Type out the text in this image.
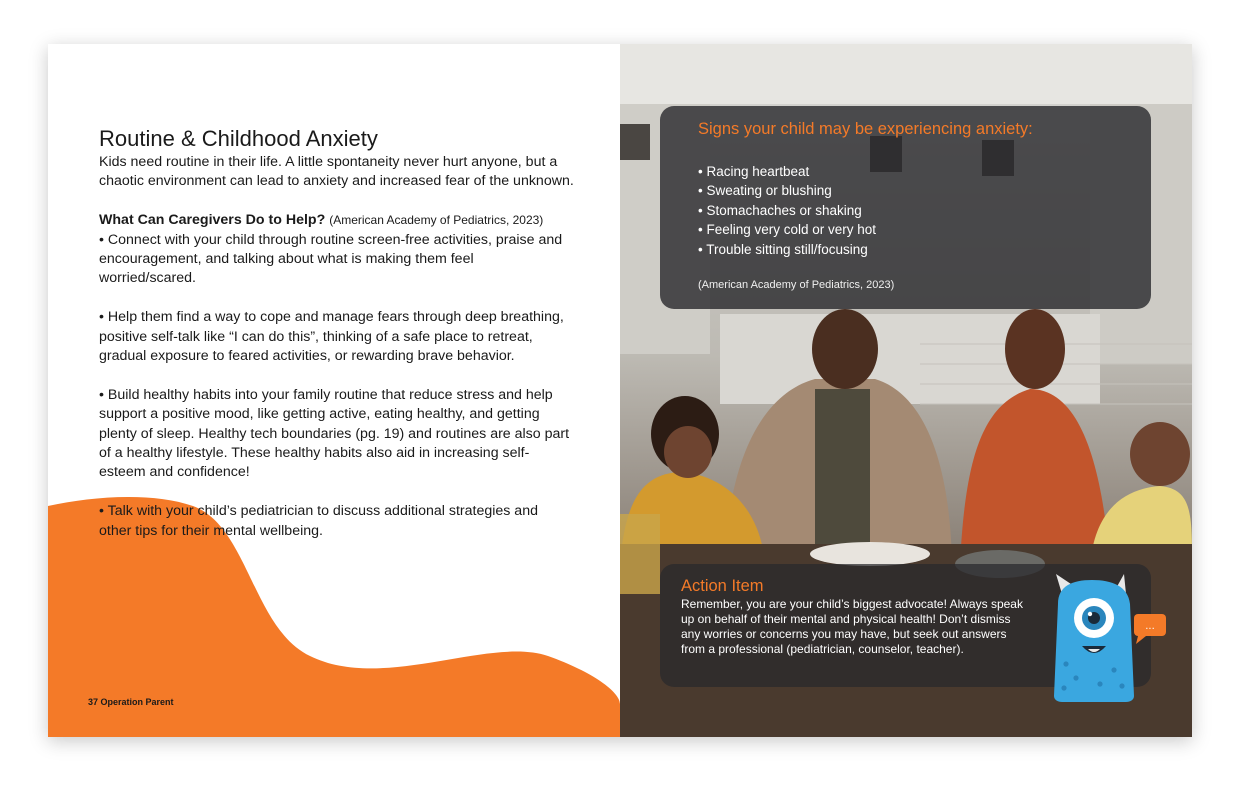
Routine & Childhood Anxiety

Kids need routine in their life. A little spontaneity never hurt anyone, but a chaotic environment can lead to anxiety and increased fear of the unknown.

What Can Caregivers Do to Help? (American Academy of Pediatrics, 2023)

• Connect with your child through routine screen-free activities, praise and encouragement, and talking about what is making them feel worried/scared.

• Help them find a way to cope and manage fears through deep breathing, positive self-talk like “I can do this”, thinking of a safe place to retreat, gradual exposure to feared activities, or rewarding brave behavior.

• Build healthy habits into your family routine that reduce stress and help support a positive mood, like getting active, eating healthy, and getting plenty of sleep. Healthy tech boundaries (pg. 19) and routines are also part of a healthy lifestyle. These healthy habits also aid in increasing self-esteem and confidence!

• Talk with your child’s pediatrician to discuss additional strategies and other tips for their mental wellbeing.

37 Operation Parent
Signs your child may be experiencing anxiety:
• Racing heartbeat
• Sweating or blushing
• Stomachaches or shaking
• Feeling very cold or very hot
• Trouble sitting still/focusing
(American Academy of Pediatrics, 2023)
Action Item
Remember, you are your child’s biggest advocate! Always speak up on behalf of their mental and physical health! Don’t dismiss any worries or concerns you may have, but seek out answers from a professional (pediatrician, counselor, teacher).
...
